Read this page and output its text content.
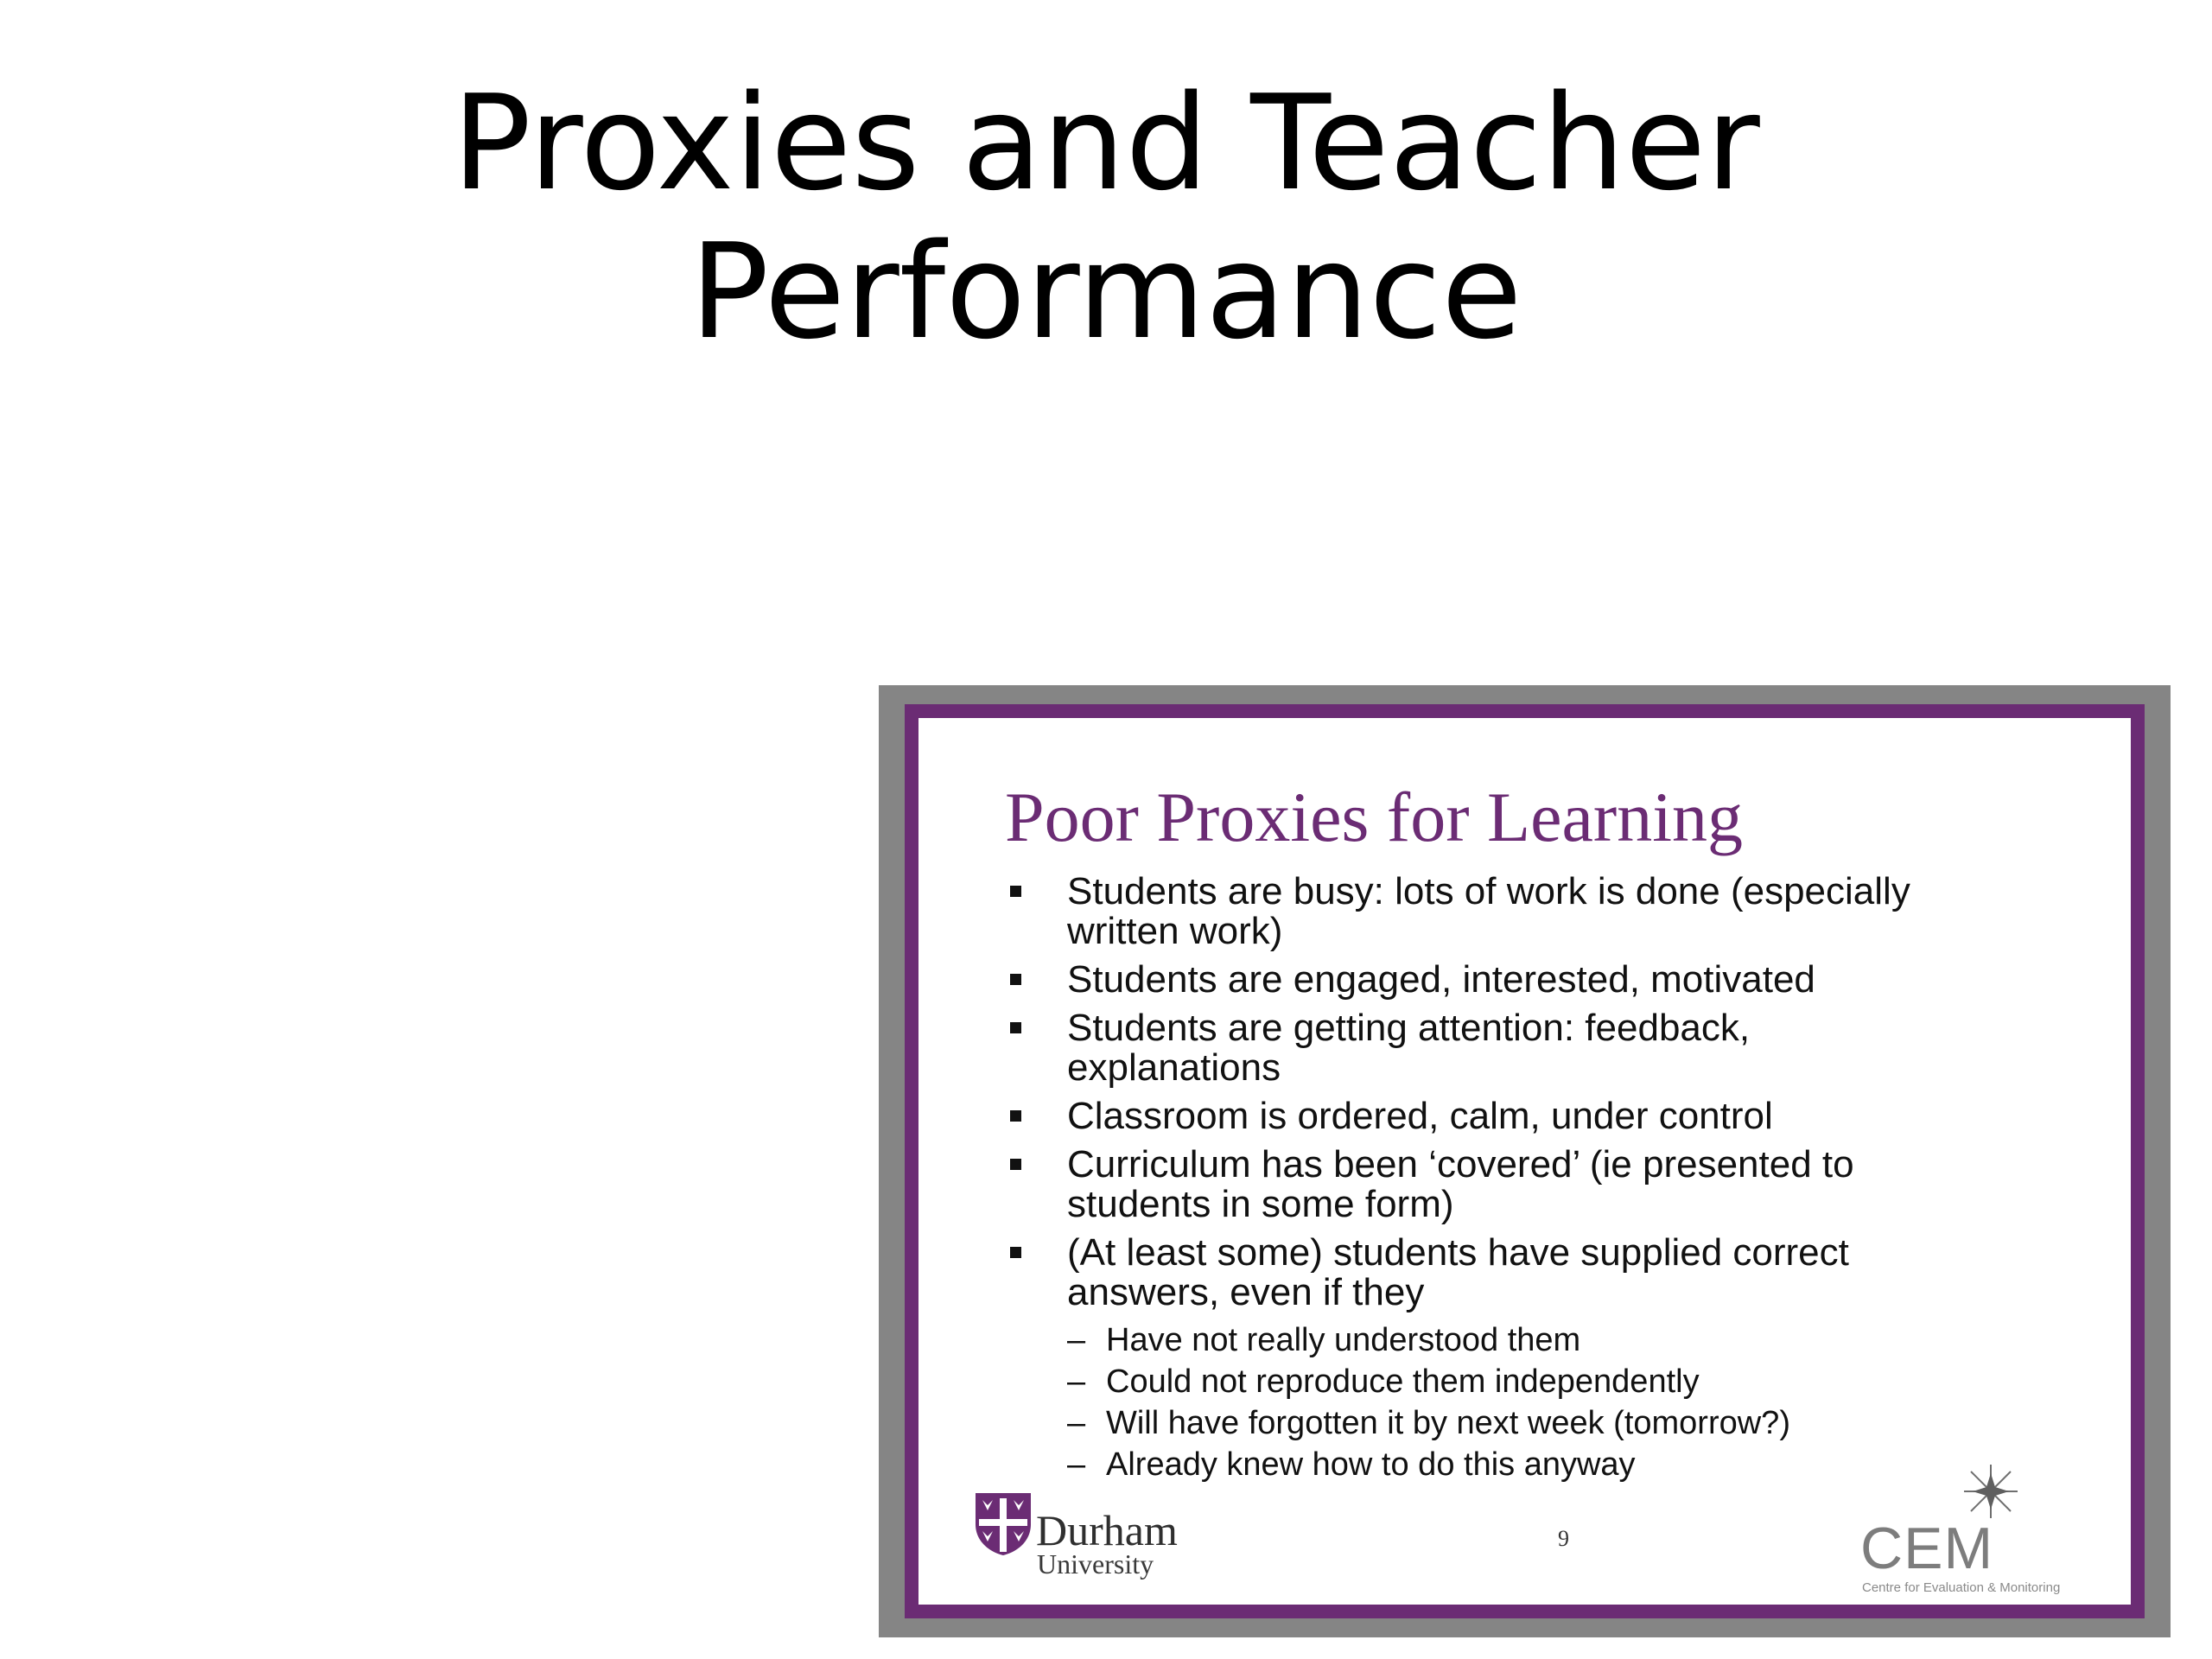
Proxies and Teacher
Performance
Poor Proxies for Learning
Students are busy: lots of work is done (especially
written work)
Students are engaged, interested, motivated
Students are getting attention: feedback,
explanations
Classroom is ordered, calm, under control
Curriculum has been ‘covered’ (ie presented to
students in some form)
(At least some) students have supplied correct
answers, even if they
– Have not really understood them
– Could not reproduce them independently
– Will have forgotten it by next week (tomorrow?)
– Already knew how to do this anyway
Durham
University
9	CEM
Centre for Evaluation & Monitoring
